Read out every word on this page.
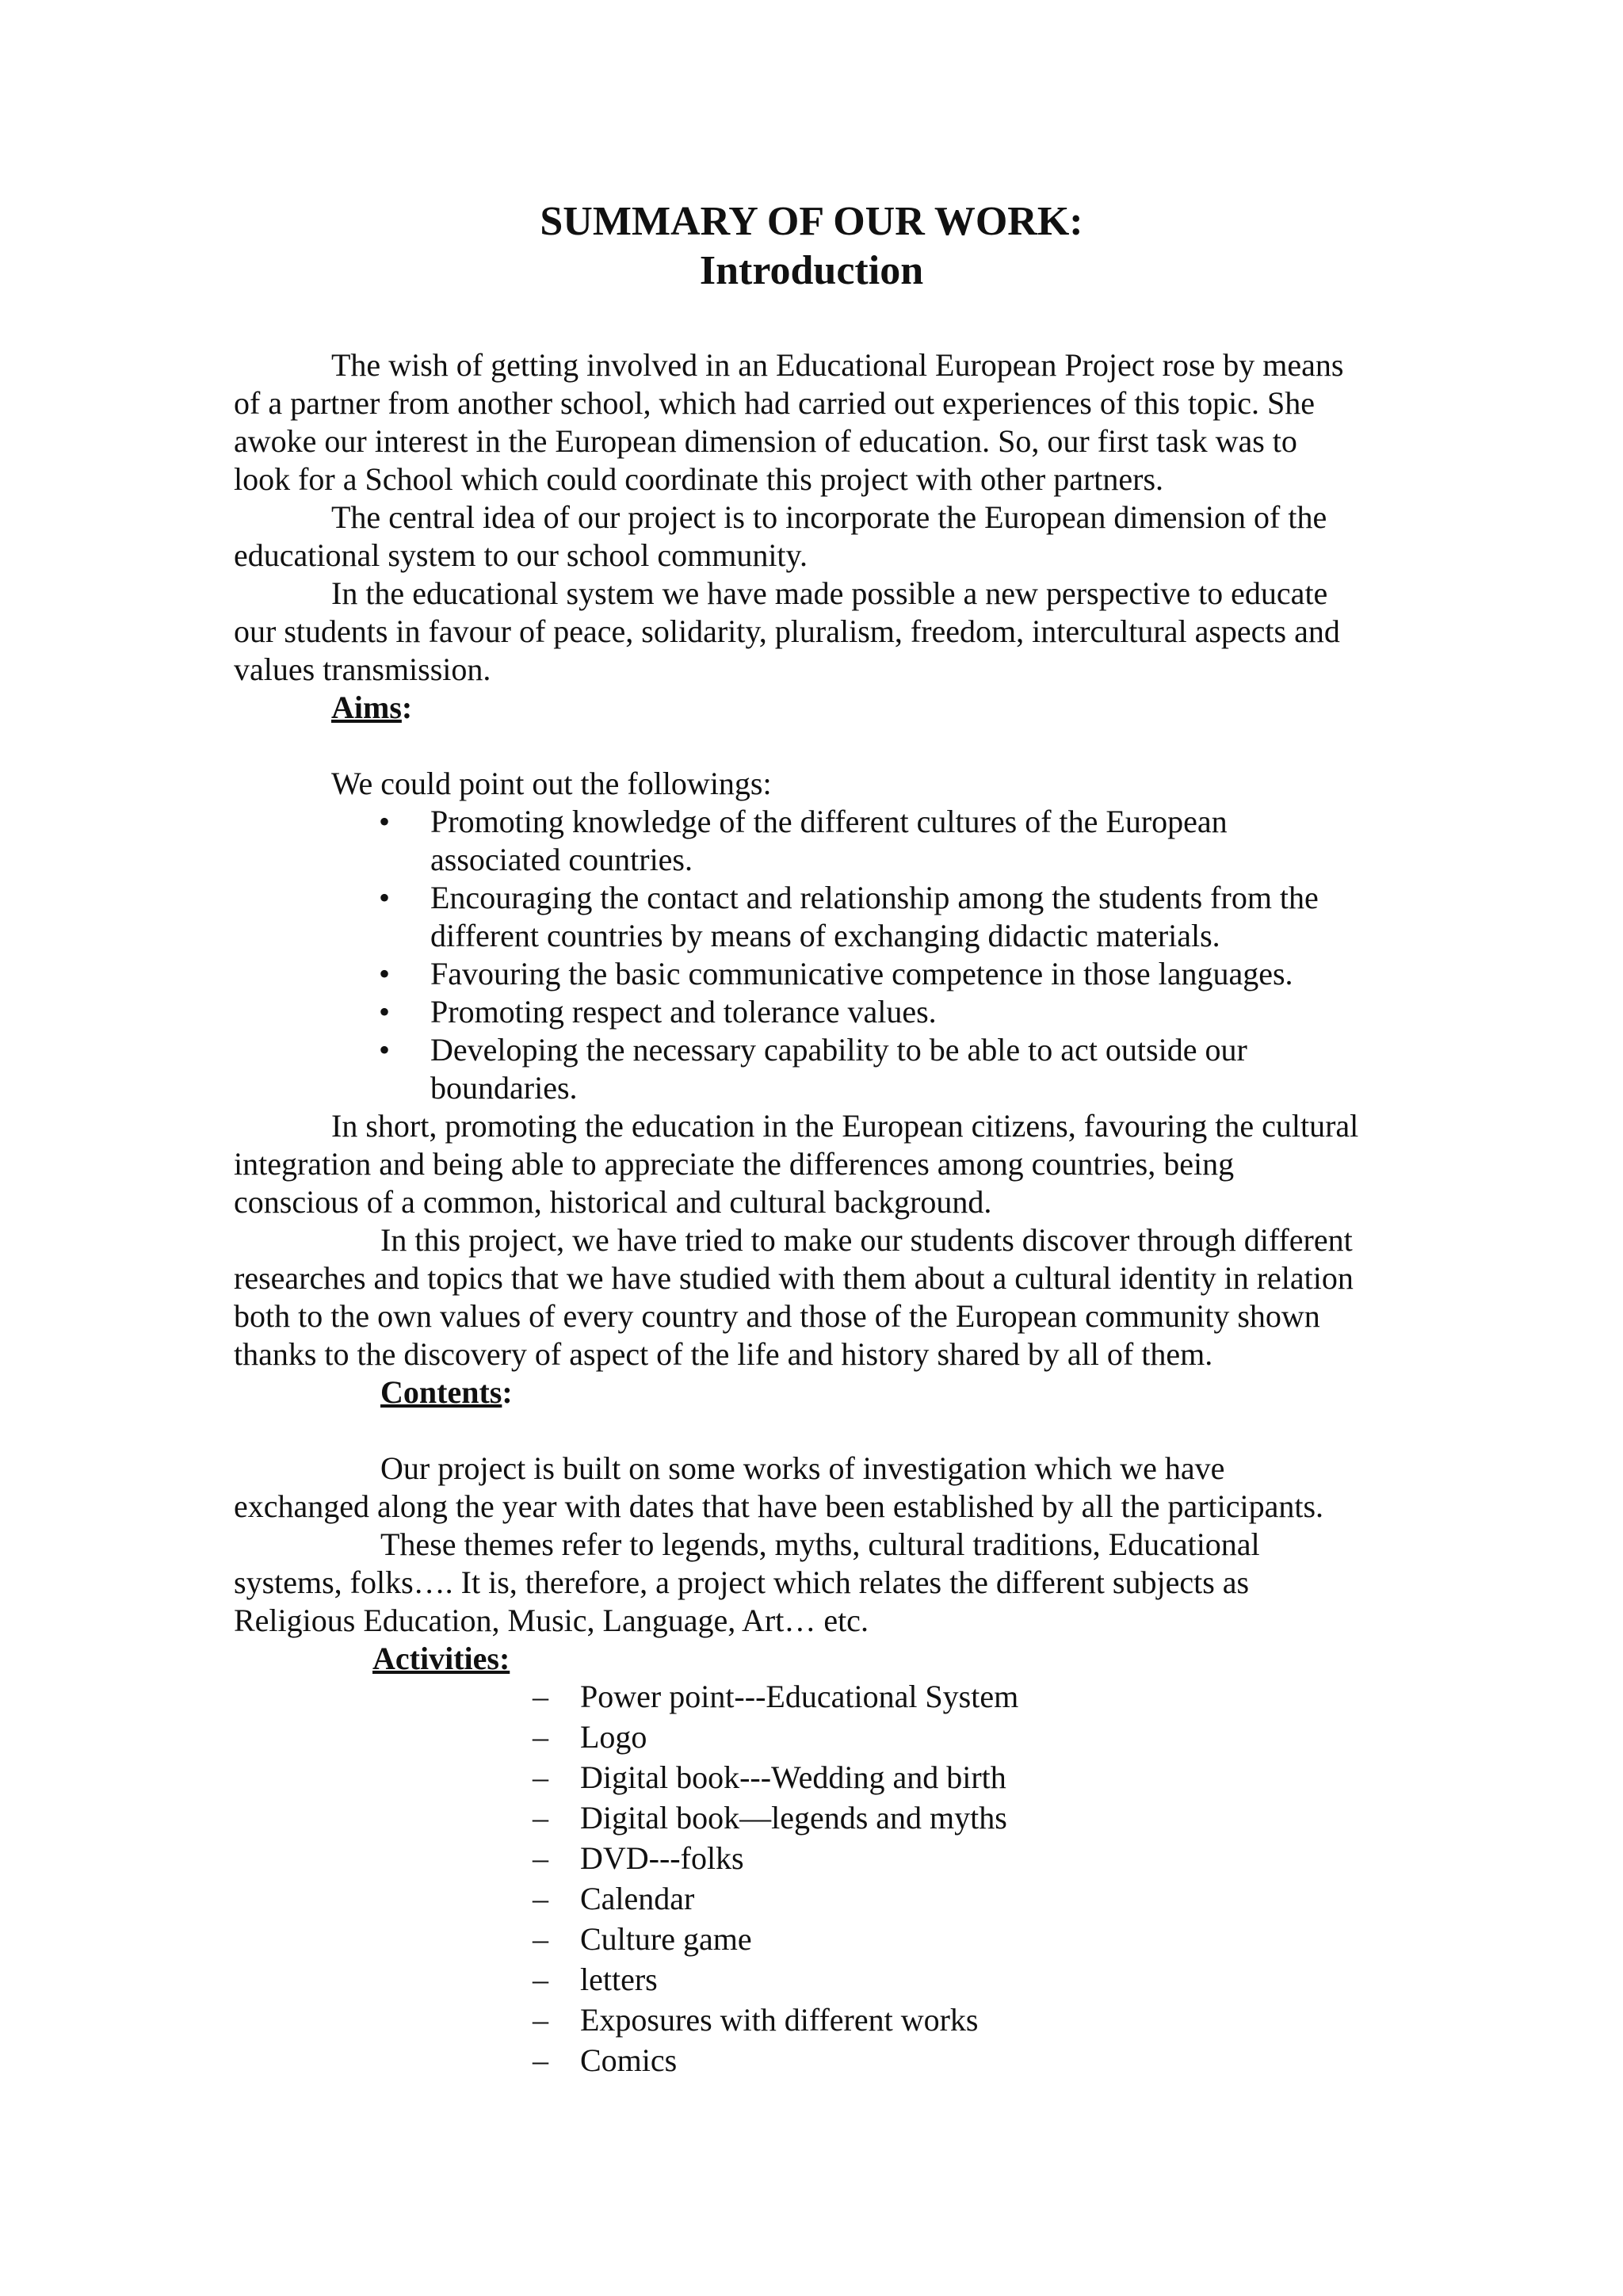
SUMMARY OF OUR WORK:
Introduction
The wish of getting involved in an Educational European Project rose by means
of a partner from another school, which had carried out experiences of this topic. She
awoke our interest in the European dimension of education. So, our first task was to
look for a School which could coordinate this project with other partners.
The central idea of our project is to incorporate the European dimension of the
educational system to our school community.
In the educational system we have made possible a new perspective to educate
our students in favour of peace, solidarity, pluralism, freedom, intercultural aspects and
values transmission.
Aims:
We could point out the followings:
• Promoting knowledge of the different cultures of the European
associated countries.
• Encouraging the contact and relationship among the students from the
different countries by means of exchanging didactic materials.
• Favouring the basic communicative competence in those languages.
• Promoting respect and tolerance values.
• Developing the necessary capability to be able to act outside our
boundaries.
In short, promoting the education in the European citizens, favouring the cultural
integration and being able to appreciate the differences among countries, being
conscious of a common, historical and cultural background.
In this project, we have tried to make our students discover through different
researches and topics that we have studied with them about a cultural identity in relation
both to the own values of every country and those of the European community shown
thanks to the discovery of aspect of the life and history shared by all of them.
Contents:
Our project is built on some works of investigation which we have
exchanged along the year with dates that have been established by all the participants.
These themes refer to legends, myths, cultural traditions, Educational
systems, folks…. It is, therefore, a project which relates the different subjects as
Religious Education, Music, Language, Art… etc.
Activities:
– Power point---Educational System
– Logo
– Digital book---Wedding and birth
– Digital book—legends and myths
– DVD---folks
– Calendar
– Culture game
– letters
– Exposures with different works
– Comics
